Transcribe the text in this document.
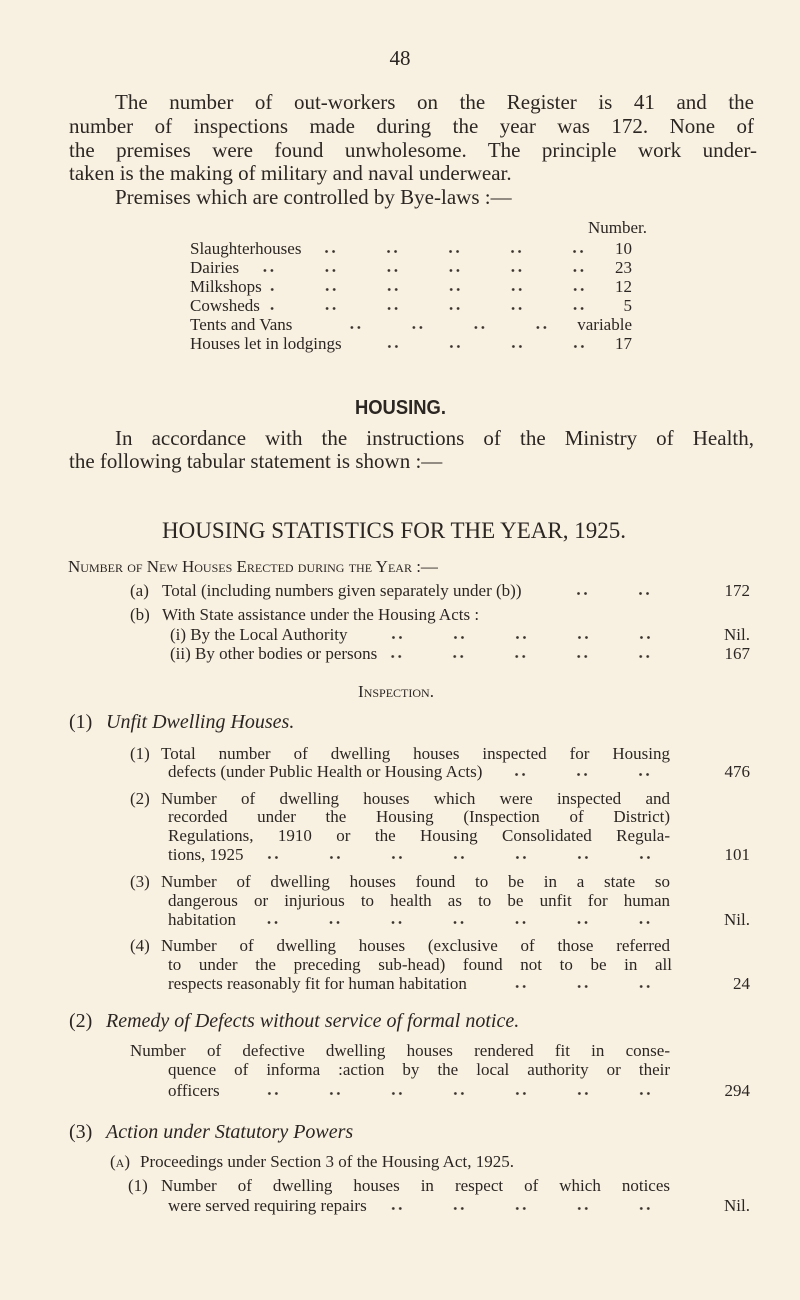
48
The number of out-workers on the Register is 41 and the
number of inspections made during the year was 172. None of
the premises were found unwholesome. The principle work under-
taken is the making of military and naval underwear.
Premises which are controlled by Bye-laws :—
Number.
Slaughterhouses	10
Dairies	23
Milkshops	12
Cowsheds	5
Tents and Vans	variable
Houses let in lodgings	17
HOUSING.
In accordance with the instructions of the Ministry of Health,
the following tabular statement is shown :—
HOUSING STATISTICS FOR THE YEAR, 1925.
Number of New Houses Erected during the Year :—
(a) Total (including numbers given separately under (b))	172
(b) With State assistance under the Housing Acts :
(i) By the Local Authority	Nil.
(ii) By other bodies or persons	167
Inspection.
(1) Unfit Dwelling Houses.
(1) Total number of dwelling houses inspected for Housing
defects (under Public Health or Housing Acts)	476
(2) Number of dwelling houses which were inspected and
recorded under the Housing (Inspection of District)
Regulations, 1910 or the Housing Consolidated Regula-
tions, 1925	101
(3) Number of dwelling houses found to be in a state so
dangerous or injurious to health as to be unfit for human
habitation	Nil.
(4) Number of dwelling houses (exclusive of those referred
to under the preceding sub-head) found not to be in all
respects reasonably fit for human habitation	24
(2) Remedy of Defects without service of formal notice.
Number of defective dwelling houses rendered fit in conse-
quence of informa :action by the local authority or their
officers	294
(3) Action under Statutory Powers
(a) Proceedings under Section 3 of the Housing Act, 1925.
(1) Number of dwelling houses in respect of which notices
were served requiring repairs	Nil.
